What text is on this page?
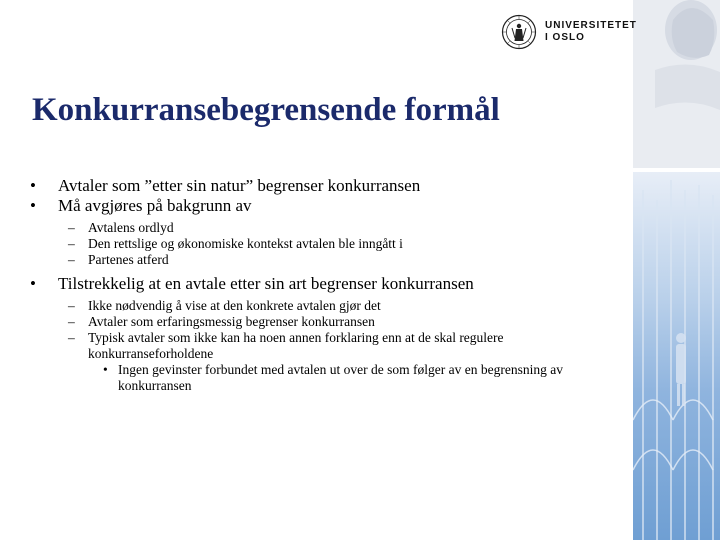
UNIVERSITETET
I OSLO
Konkurransebegrensende formål
• Avtaler som ”etter sin natur” begrenser konkurransen
• Må avgjøres på bakgrunn av
– Avtalens ordlyd
– Den rettslige og økonomiske kontekst avtalen ble inngått i
– Partenes atferd
• Tilstrekkelig at en avtale etter sin art begrenser konkurransen
– Ikke nødvendig å vise at den konkrete avtalen gjør det
– Avtaler som erfaringsmessig begrenser konkurransen
– Typisk avtaler som ikke kan ha noen annen forklaring enn at de skal regulere konkurranseforholdene
• Ingen gevinster forbundet med avtalen ut over de som følger av en begrensning av konkurransen
